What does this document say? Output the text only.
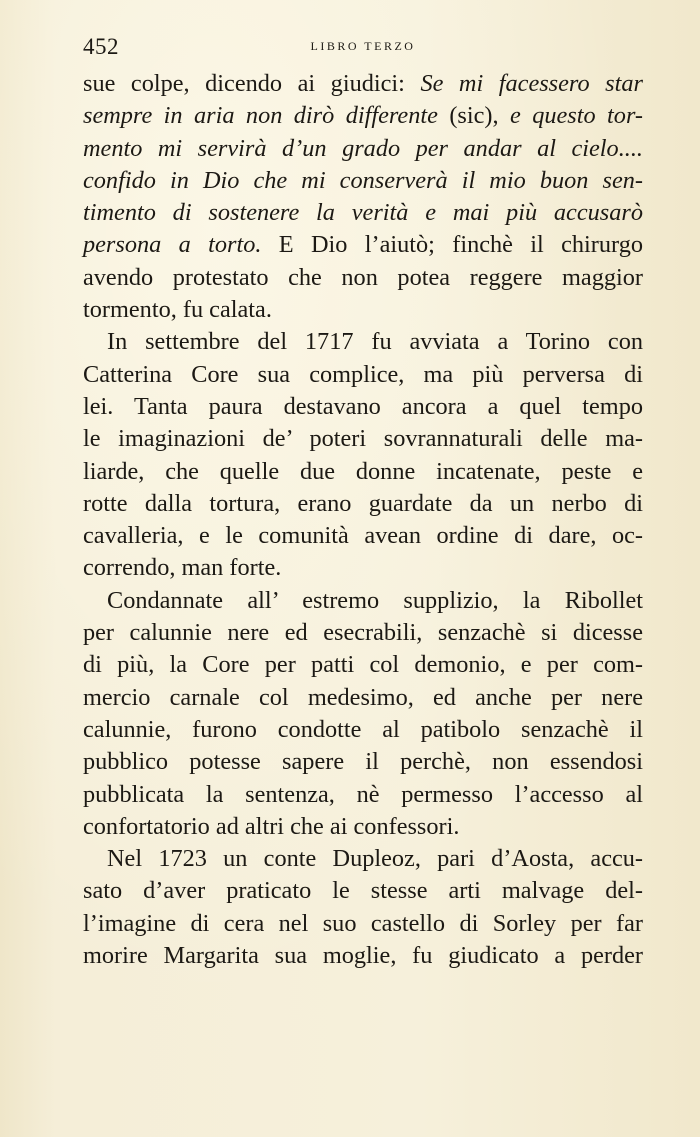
452	LIBRO TERZO
sue colpe, dicendo ai giudici: Se mi facessero star
sempre in aria non dirò differente (sic), e questo tor-
mento mi servirà d’un grado per andar al cielo....
confido in Dio che mi conserverà il mio buon sen-
timento di sostenere la verità e mai più accusarò
persona a torto. E Dio l’aiutò; finchè il chirurgo
avendo protestato che non potea reggere maggior
tormento, fu calata.
In settembre del 1717 fu avviata a Torino con
Catterina Core sua complice, ma più perversa di
lei. Tanta paura destavano ancora a quel tempo
le imaginazioni de’ poteri sovrannaturali delle ma-
liarde, che quelle due donne incatenate, peste e
rotte dalla tortura, erano guardate da un nerbo di
cavalleria, e le comunità avean ordine di dare, oc-
correndo, man forte.
Condannate all’ estremo supplizio, la Ribollet
per calunnie nere ed esecrabili, senzachè si dicesse
di più, la Core per patti col demonio, e per com-
mercio carnale col medesimo, ed anche per nere
calunnie, furono condotte al patibolo senzachè il
pubblico potesse sapere il perchè, non essendosi
pubblicata la sentenza, nè permesso l’accesso al
confortatorio ad altri che ai confessori.
Nel 1723 un conte Dupleoz, pari d’Aosta, accu-
sato d’aver praticato le stesse arti malvage del-
l’imagine di cera nel suo castello di Sorley per far
morire Margarita sua moglie, fu giudicato a perder
